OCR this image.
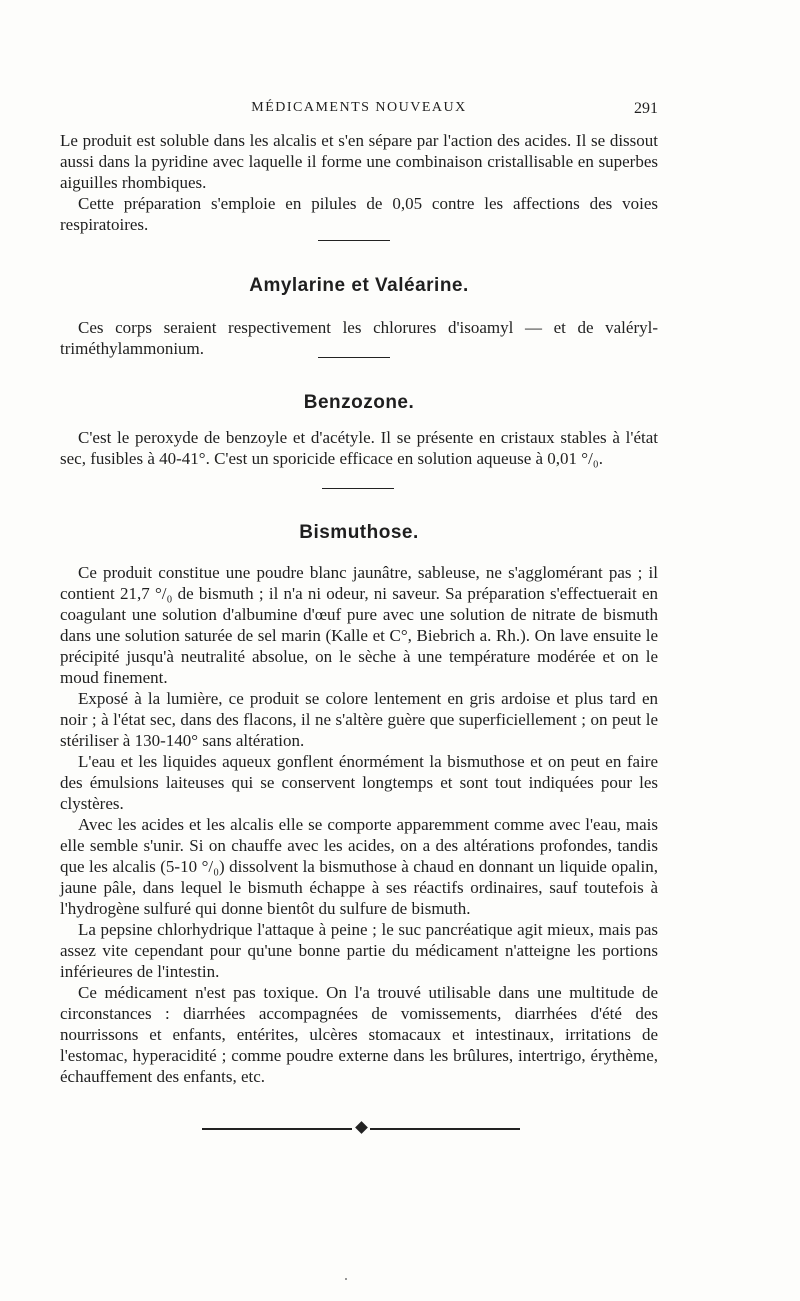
MÉDICAMENTS NOUVEAUX	291

Le produit est soluble dans les alcalis et s'en sépare par l'action des acides. Il se dissout aussi dans la pyridine avec laquelle il forme une combinaison cristallisable en superbes aiguilles rhombiques.

Cette préparation s'emploie en pilules de 0,05 contre les affections des voies respiratoires.

Amylarine et Valéarine.

Ces corps seraient respectivement les chlorures d'isoamyl — et de valéryl-triméthylammonium.

Benzozone.

C'est le peroxyde de benzoyle et d'acétyle. Il se présente en cristaux stables à l'état sec, fusibles à 40-41°. C'est un sporicide efficace en solution aqueuse à 0,01 °/₀.

Bismuthose.

Ce produit constitue une poudre blanc jaunâtre, sableuse, ne s'agglomérant pas ; il contient 21,7 °/₀ de bismuth ; il n'a ni odeur, ni saveur. Sa préparation s'effectuerait en coagulant une solution d'albumine d'œuf pure avec une solution de nitrate de bismuth dans une solution saturée de sel marin (Kalle et C°, Biebrich a. Rh.). On lave ensuite le précipité jusqu'à neutralité absolue, on le sèche à une température modérée et on le moud finement.

Exposé à la lumière, ce produit se colore lentement en gris ardoise et plus tard en noir ; à l'état sec, dans des flacons, il ne s'altère guère que superficiellement ; on peut le stériliser à 130-140° sans altération.

L'eau et les liquides aqueux gonflent énormément la bismuthose et on peut en faire des émulsions laiteuses qui se conservent longtemps et sont tout indiquées pour les clystères.

Avec les acides et les alcalis elle se comporte apparemment comme avec l'eau, mais elle semble s'unir. Si on chauffe avec les acides, on a des altérations profondes, tandis que les alcalis (5-10 °/₀) dissolvent la bismuthose à chaud en donnant un liquide opalin, jaune pâle, dans lequel le bismuth échappe à ses réactifs ordinaires, sauf toutefois à l'hydrogène sulfuré qui donne bientôt du sulfure de bismuth.

La pepsine chlorhydrique l'attaque à peine ; le suc pancréatique agit mieux, mais pas assez vite cependant pour qu'une bonne partie du médicament n'atteigne les portions inférieures de l'intestin.

Ce médicament n'est pas toxique. On l'a trouvé utilisable dans une multitude de circonstances : diarrhées accompagnées de vomissements, diarrhées d'été des nourrissons et enfants, entérites, ulcères stomacaux et intestinaux, irritations de l'estomac, hyperacidité ; comme poudre externe dans les brûlures, intertrigo, érythème, échauffement des enfants, etc.
